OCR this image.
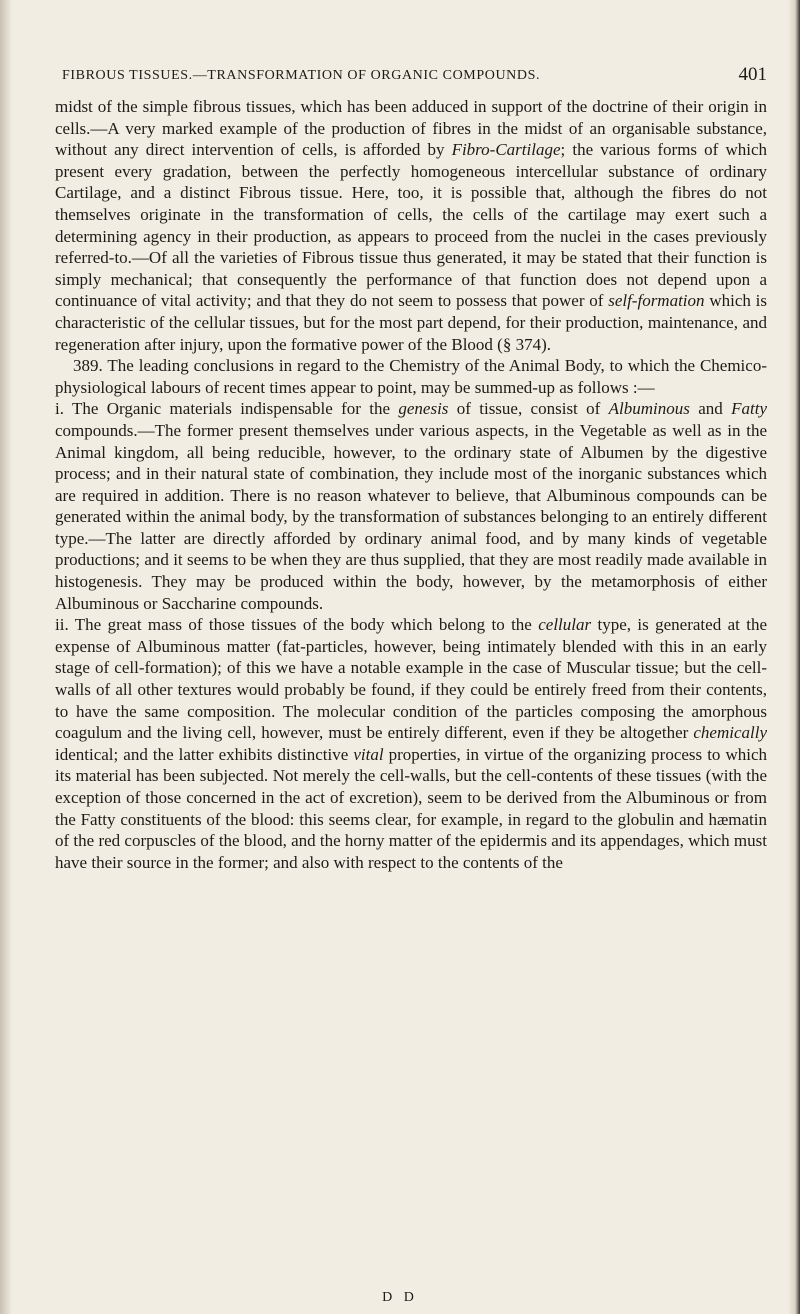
FIBROUS TISSUES.—TRANSFORMATION OF ORGANIC COMPOUNDS.	401

midst of the simple fibrous tissues, which has been adduced in support of the doctrine of their origin in cells.—A very marked example of the production of fibres in the midst of an organisable substance, without any direct intervention of cells, is afforded by Fibro-Cartilage; the various forms of which present every gradation, between the perfectly homogeneous intercellular substance of ordinary Cartilage, and a distinct Fibrous tissue. Here, too, it is possible that, although the fibres do not themselves originate in the transformation of cells, the cells of the cartilage may exert such a determining agency in their production, as appears to proceed from the nuclei in the cases previously referred-to.—Of all the varieties of Fibrous tissue thus generated, it may be stated that their function is simply mechanical; that consequently the performance of that function does not depend upon a continuance of vital activity; and that they do not seem to possess that power of self-formation which is characteristic of the cellular tissues, but for the most part depend, for their production, maintenance, and regeneration after injury, upon the formative power of the Blood (§ 374).

389. The leading conclusions in regard to the Chemistry of the Animal Body, to which the Chemico-physiological labours of recent times appear to point, may be summed-up as follows :—

i. The Organic materials indispensable for the genesis of tissue, consist of Albuminous and Fatty compounds.—The former present themselves under various aspects, in the Vegetable as well as in the Animal kingdom, all being reducible, however, to the ordinary state of Albumen by the digestive process; and in their natural state of combination, they include most of the inorganic substances which are required in addition. There is no reason whatever to believe, that Albuminous compounds can be generated within the animal body, by the transformation of substances belonging to an entirely different type.—The latter are directly afforded by ordinary animal food, and by many kinds of vegetable productions; and it seems to be when they are thus supplied, that they are most readily made available in histogenesis. They may be produced within the body, however, by the metamorphosis of either Albuminous or Saccharine compounds.

ii. The great mass of those tissues of the body which belong to the cellular type, is generated at the expense of Albuminous matter (fat-particles, however, being intimately blended with this in an early stage of cell-formation); of this we have a notable example in the case of Muscular tissue; but the cell-walls of all other textures would probably be found, if they could be entirely freed from their contents, to have the same composition. The molecular condition of the particles composing the amorphous coagulum and the living cell, however, must be entirely different, even if they be altogether chemically identical; and the latter exhibits distinctive vital properties, in virtue of the organizing process to which its material has been subjected. Not merely the cell-walls, but the cell-contents of these tissues (with the exception of those concerned in the act of excretion), seem to be derived from the Albuminous or from the Fatty constituents of the blood: this seems clear, for example, in regard to the globulin and hæmatin of the red corpuscles of the blood, and the horny matter of the epidermis and its appendages, which must have their source in the former; and also with respect to the contents of the

D D
